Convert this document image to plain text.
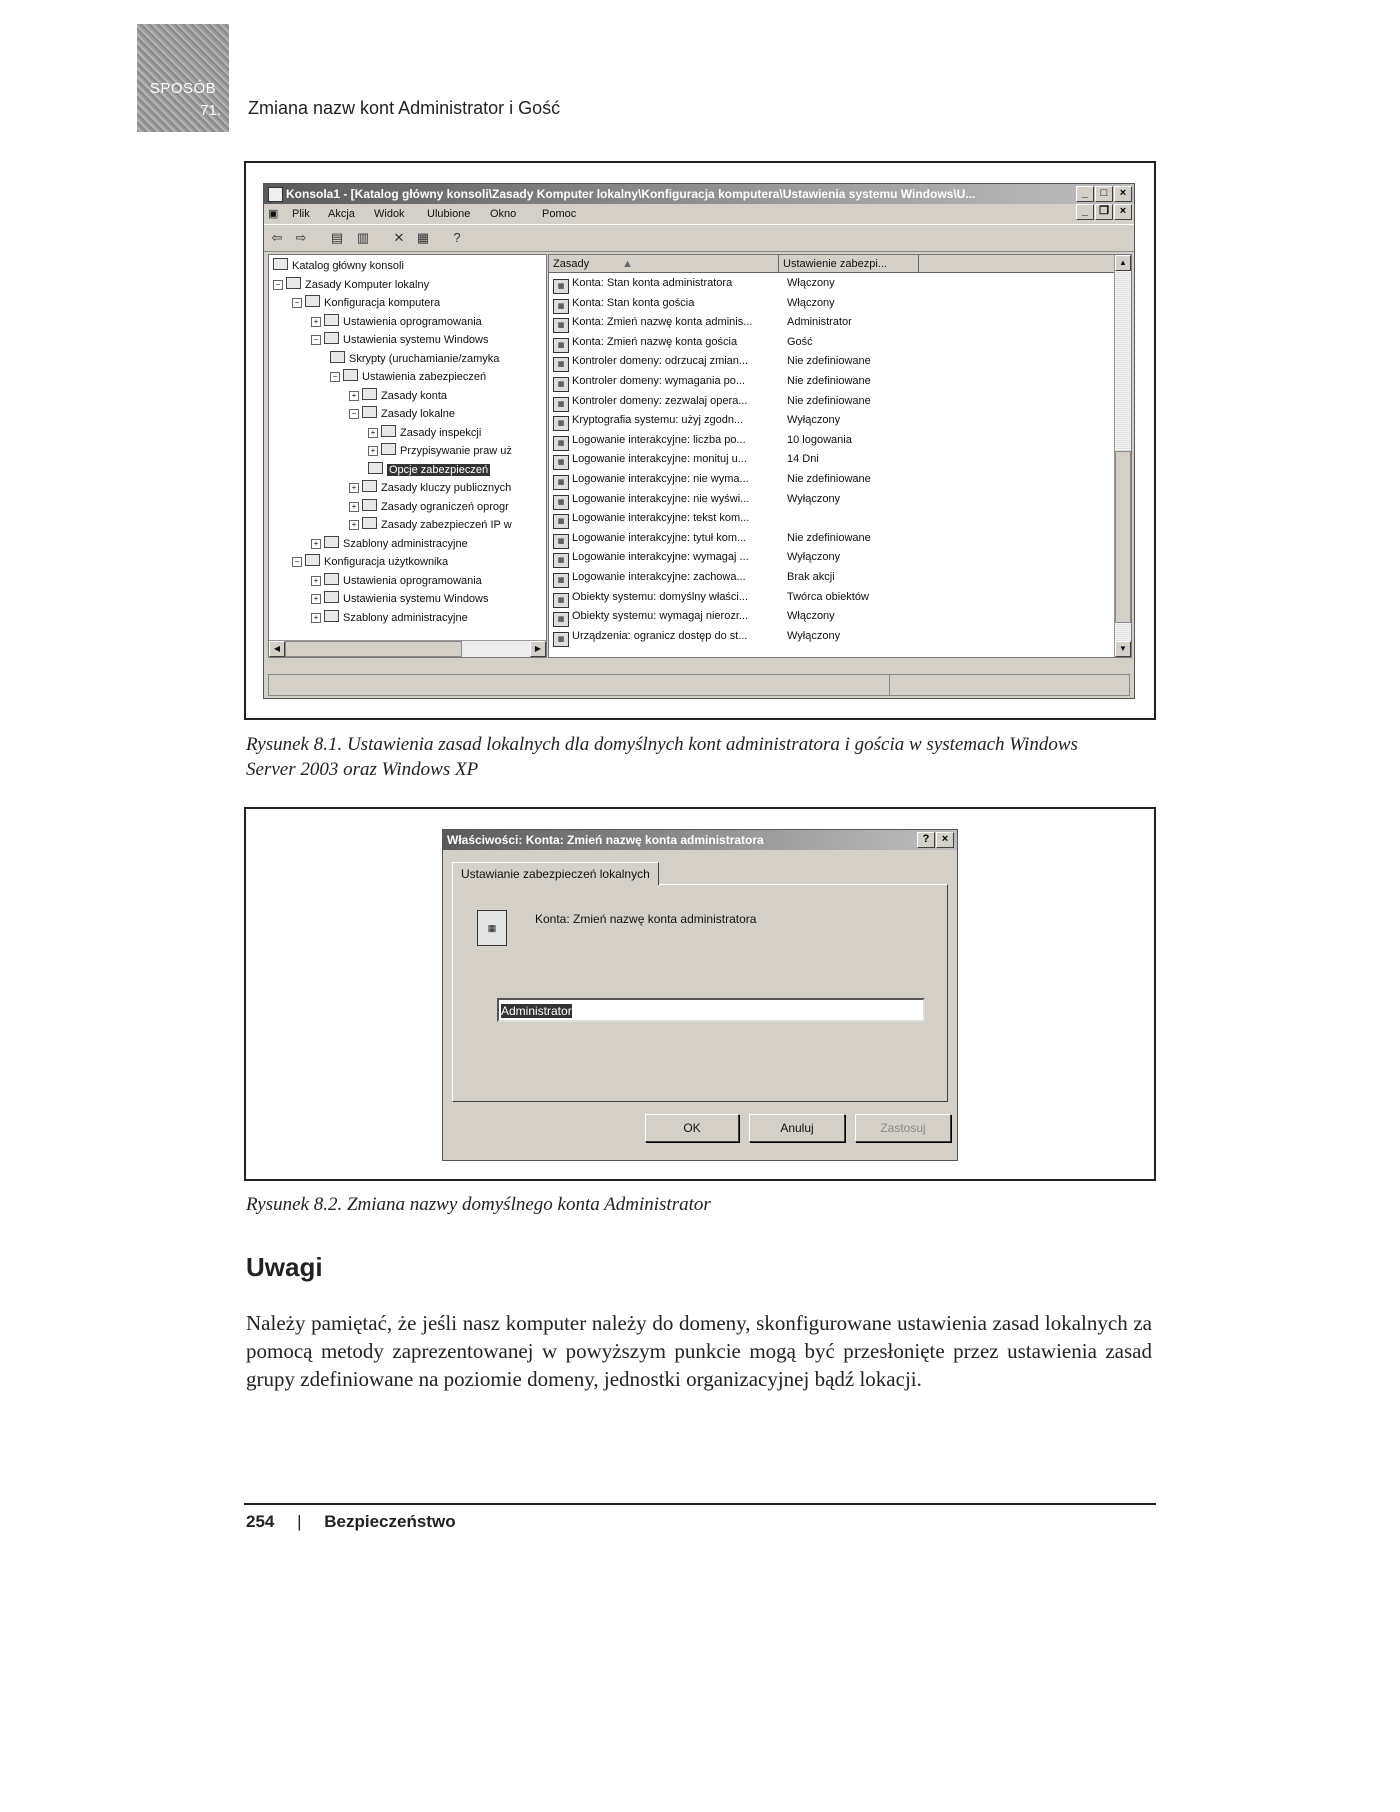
SPOSÓB
71. Zmiana nazw kont Administrator i Gość
Konsola1 - [Katalog główny konsoli\Zasady Komputer lokalny\Konfiguracja komputera\Ustawienia systemu Windows\U...	_	□	×
▣ Plik Akcja Widok Ulubione Okno Pomoc	_	❐ ×
⇦ ⇨ ▤ ▥ ✕ ▦	?
Katalog główny konsoli
− Zasady Komputer lokalny
− Konfiguracja komputera
+ Ustawienia oprogramowania
− Ustawienia systemu Windows
Skrypty (uruchamianie/zamyka
− Ustawienia zabezpieczeń
+ Zasady konta
− Zasady lokalne
+ Zasady inspekcji
+ Przypisywanie praw uż
Opcje zabezpieczeń
+ Zasady kluczy publicznych
+ Zasady ograniczeń oprogr
+ Zasady zabezpieczeń IP w
+ Szablony administracyjne
− Konfiguracja użytkownika
+ Ustawienia oprogramowania
+ Ustawienia systemu Windows
+ Szablony administracyjne
◀	▶
Zasady	▲	Ustawienie zabezpi...
▦ Konta: Stan konta administratora	Włączony
▦ Konta: Stan konta gościa	Włączony
▦ Konta: Zmień nazwę konta adminis...	Administrator
▦ Konta: Zmień nazwę konta gościa	Gość
▦ Kontroler domeny: odrzucaj zmian...	Nie zdefiniowane
▦ Kontroler domeny: wymagania po...	Nie zdefiniowane
▦ Kontroler domeny: zezwalaj opera...	Nie zdefiniowane
▦ Kryptografia systemu: użyj zgodn...	Wyłączony
▦ Logowanie interakcyjne: liczba po...	10 logowania
▦ Logowanie interakcyjne: monituj u...	14 Dni
▦ Logowanie interakcyjne: nie wyma...	Nie zdefiniowane
▦ Logowanie interakcyjne: nie wyświ...	Wyłączony
▦ Logowanie interakcyjne: tekst kom...
▦ Logowanie interakcyjne: tytuł kom...	Nie zdefiniowane
▦ Logowanie interakcyjne: wymagaj ...	Wyłączony
▦ Logowanie interakcyjne: zachowa...	Brak akcji
▦ Obiekty systemu: domyślny właści...	Twórca obiektów
▦ Obiekty systemu: wymagaj nierozr...	Włączony
▦ Urządzenia: ogranicz dostęp do st...	Wyłączony
▲
▼
Rysunek 8.1. Ustawienia zasad lokalnych dla domyślnych kont administratora i gościa w systemach Windows Server 2003 oraz Windows XP
Właściwości: Konta: Zmień nazwę konta administratora	?	×
Ustawianie zabezpieczeń lokalnych
▦
Konta: Zmień nazwę konta administratora
Administrator
OK	Anuluj	Zastosuj
Rysunek 8.2. Zmiana nazwy domyślnego konta Administrator
Uwagi
Należy pamiętać, że jeśli nasz komputer należy do domeny, skonfigurowane ustawienia zasad lokalnych za pomocą metody zaprezentowanej w powyższym punkcie mogą być przesłonięte przez ustawienia zasad grupy zdefiniowane na poziomie domeny, jednostki organizacyjnej bądź lokacji.
254 | Bezpieczeństwo
